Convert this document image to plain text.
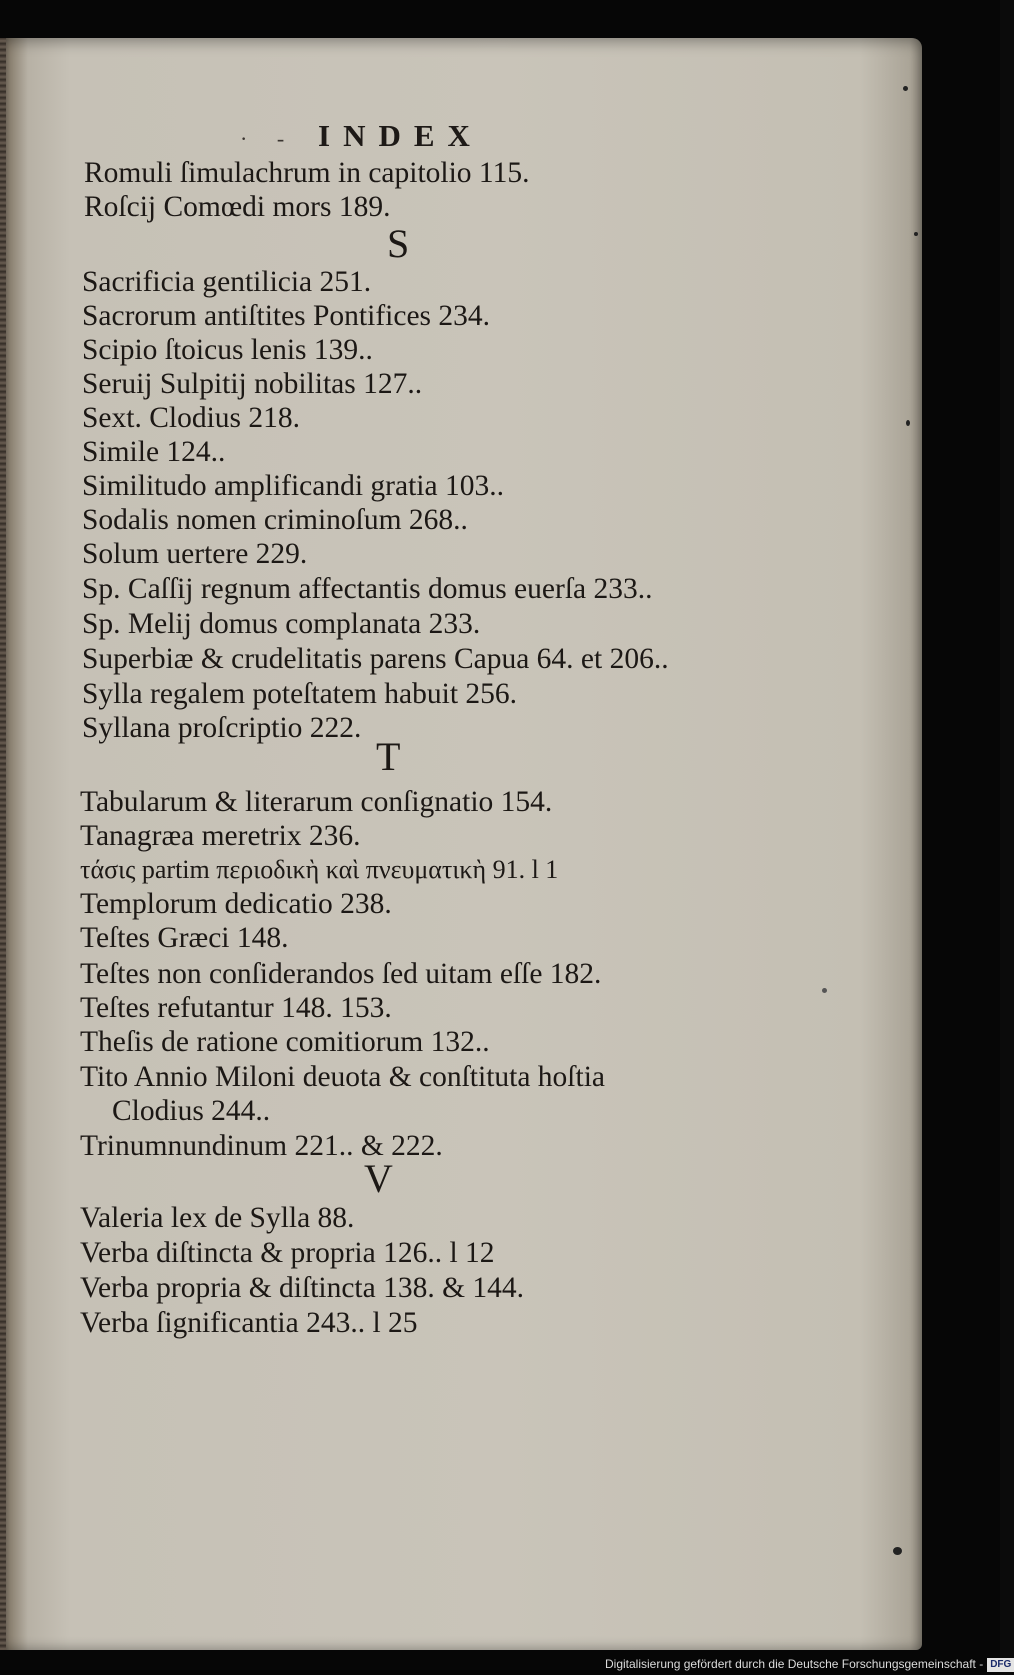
· - INDEX
Romuli ſimulachrum in capitolio 115.
Roſcij Comœdi mors 189.
S
Sacrificia gentilicia 251.
Sacrorum antiſtites Pontifices 234.
Scipio ſtoicus lenis 139..
Seruij Sulpitij nobilitas 127..
Sext. Clodius 218.
Simile 124..
Similitudo amplificandi gratia 103..
Sodalis nomen criminoſum 268..
Solum uertere 229.
Sp. Caſſij regnum affectantis domus euerſa 233..
Sp. Melij domus complanata 233.
Superbiæ & crudelitatis parens Capua 64. et 206..
Sylla regalem poteſtatem habuit 256.
Syllana proſcriptio 222.
T
Tabularum & literarum conſignatio 154.
Tanagræa meretrix 236.
τάσις partim περιοδικὴ καὶ πνευματικὴ 91. l 1
Templorum dedicatio 238.
Teſtes Græci 148.
Teſtes non conſiderandos ſed uitam eſſe 182.
Teſtes refutantur 148. 153.
Theſis de ratione comitiorum 132..
Tito Annio Miloni deuota & conſtituta hoſtia
Clodius 244..
Trinumnundinum 221.. & 222.
V
Valeria lex de Sylla 88.
Verba diſtincta & propria 126.. l 12
Verba propria & diſtincta 138. & 144.
Verba ſignificantia 243.. l 25
Digitalisierung gefördert durch die Deutsche Forschungsgemeinschaft - DFG
